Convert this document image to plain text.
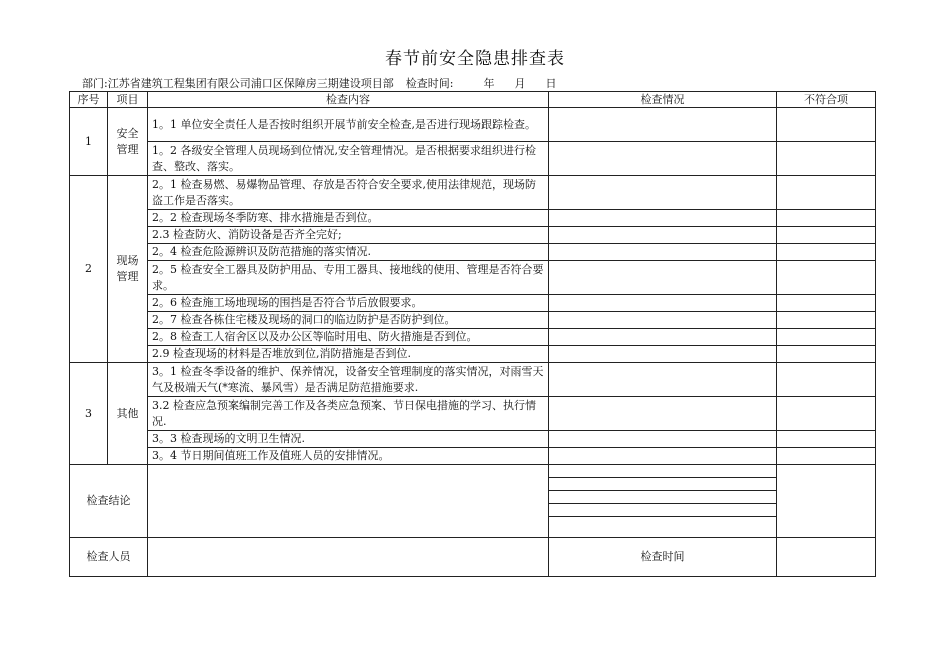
春节前安全隐患排查表
部门:江苏省建筑工程集团有限公司浦口区保障房三期建设项目部 检查时间:	年 月 日
序号	项目	检查内容	检查情况	不符合项
1	安全管理	1。1 单位安全责任人是否按时组织开展节前安全检查,是否进行现场跟踪检查。		
		1。2 各级安全管理人员现场到位情况,安全管理情况。是否根据要求组织进行检查、整改、落实。		
2	现场管理	2。1 检查易燃、易爆物品管理、存放是否符合安全要求,使用法律规范，现场防盗工作是否落实。		
		2。2 检查现场冬季防寒、排水措施是否到位。		
		2.3 检查防火、消防设备是否齐全完好;		
		2。4 检查危险源辨识及防范措施的落实情况.		
		2。5 检查安全工器具及防护用品、专用工器具、接地线的使用、管理是否符合要求。		
		2。6 检查施工场地现场的围挡是否符合节后放假要求。		
		2。7 检查各栋住宅楼及现场的洞口的临边防护是否防护到位。		
		2。8 检查工人宿舍区以及办公区等临时用电、防火措施是否到位。		
		2.9 检查现场的材料是否堆放到位,消防措施是否到位.		
3	其他	3。1 检查冬季设备的维护、保养情况，设备安全管理制度的落实情况，对雨雪天气及极端天气(*寒流、暴风雪）是否满足防范措施要求.		
		3.2 检查应急预案编制完善工作及各类应急预案、节日保电措施的学习、执行情况.		
		3。3 检查现场的文明卫生情况.		
		3。4 节日期间值班工作及值班人员的安排情况。		
检查结论				

检查人员			检查时间	
